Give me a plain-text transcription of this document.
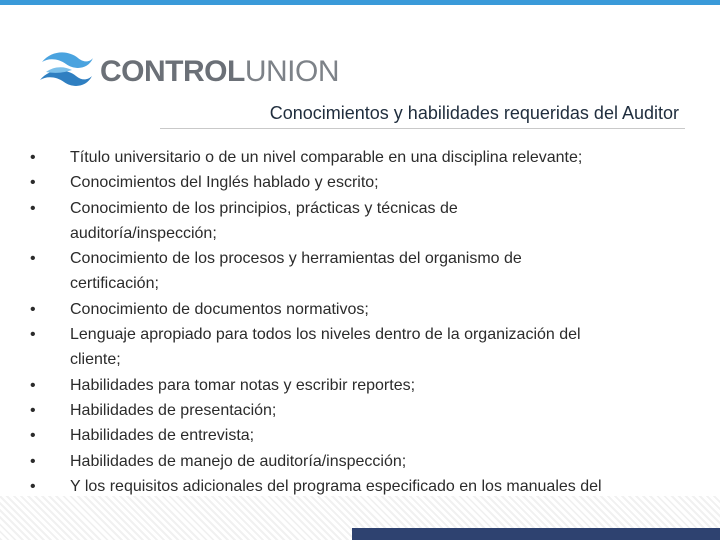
CONTROLUNION
Conocimientos y habilidades requeridas del Auditor
•	Título universitario o de un nivel comparable en una disciplina relevante;
•	Conocimientos del Inglés hablado y escrito;
•	Conocimiento de los principios, prácticas y técnicas de
auditoría/inspección;
•	Conocimiento de los procesos y herramientas del organismo de
certificación;
•	Conocimiento de documentos normativos;
•	Lenguaje apropiado para todos los niveles dentro de la organización del
cliente;
•	Habilidades para tomar notas y escribir reportes;
•	Habilidades de presentación;
•	Habilidades de entrevista;
•	Habilidades de manejo de auditoría/inspección;
•	Y los requisitos adicionales del programa especificado en los manuales del
